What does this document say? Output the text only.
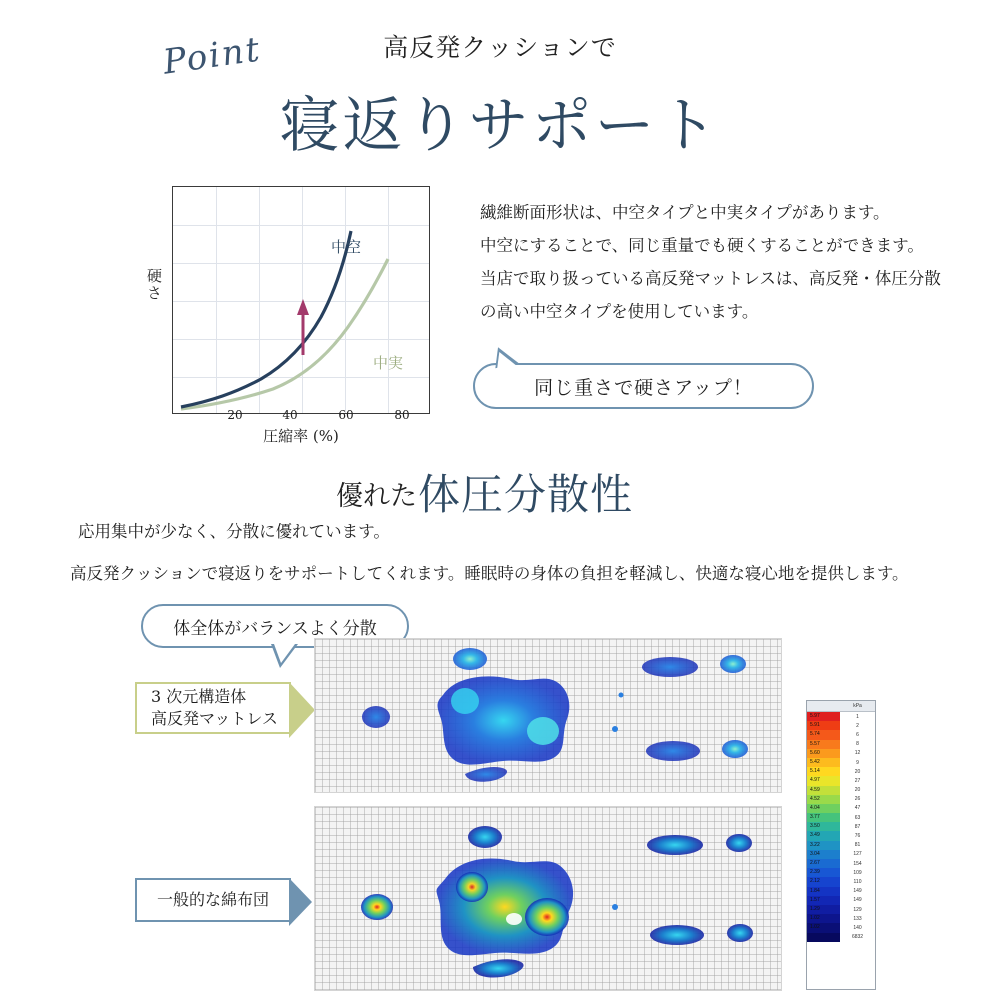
Point	高反発クッションで
寝返りサポート
中空
中実
硬さ
20	40	60	80
圧縮率 (%)

繊維断面形状は、中空タイプと中実タイプがあります。

中空にすることで、同じ重量でも硬くすることができます。

当店で取り扱っている高反発マットレスは、高反発・体圧分散

の高い中空タイプを使用しています。

同じ重さで硬さアップ！
優れた 体圧分散性
応用集中が少なく、分散に優れています。
高反発クッションで寝返りをサポートしてくれます。睡眠時の身体の負担を軽減し、快適な寝心地を提供します。
体全体がバランスよく分散
3 次元構造体
高反発マットレス
一般的な綿布団
kPa
5.97	1
5.91	2
5.74	6
5.57	8
5.60	12
5.42	9
5.14	20
4.97	27
4.59	20
4.52	26
4.04	47
3.77	63
3.50	87
3.49	76
3.22	81
3.04	127
2.67	154
2.39	109
2.12	110
1.84	149
1.57	149
1.29	129
1.02	133
1.02	140
6832
